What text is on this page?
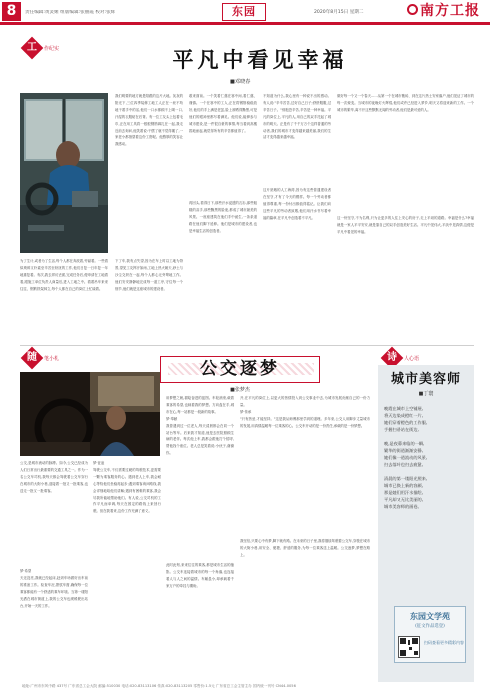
8	责任编辑:黄灵姬 组版编辑:张丽霞 校对:张辉	东园	2020年8月15日 星期二	南方工报
工	作纪实	平凡中看见幸福
■邓晓春
我们明要的地方就是陪跟的这片大地。灰灰的阳光下,三位四季装修工地工人正在一丝不苟地干着手中的活,他们一口水都顾不上喝一口,汗湿的衣服贴在后背。有一位工友头上包着毛巾,正在用工具将一根根钢筋绑扎在一起,我走近前去询问,他笑着说:干惯了就不觉得累了,一家老小都指望着这份工资呢。他憨厚的笑容让我感动。
敢来面前。一个笑着仁慈在寒中间,看仁慈、谨慎。一个在寒中的工人,正在将钢筋稳稳放好,他们的手上满是老茧,脸上被晒得黝黑,可是他们的眼神里都写着满足。他们说,能够参与城市建设,是一件很自豪的事情,每当看到高楼拔地而起,就觉得所有的辛苦都值得了。
再回头,看得日下,那些汗水浸透的衣衫,那些粗糙的双手,那些黝黑的脸庞,都成了城市最美的风景。一座座建筑在他们手中诞生,一条条道路在他们脚下延伸。他们是城市的建设者,也是幸福生活的创造者。
不知道为什么,我心里有一种说不出的感动。有人说:"辛辛苦苦,过好自己日子;舒舒服服,过辛苦日子。"别抱怨辛苦,辛苦是一种幸福。平凡的岗位上,平凡的人,用自己的双手托起了城市的明天。正是有了千千万万个这样普通的劳动者,我们的城市才变得越来越美丽,我们的生活才变得越来越幸福。
这片宽敞的人工海湾,因为有这些普通建设者在坚守,才有了今天的模样。每一个劳动者都值得尊重,每一份付出都值得铭记。让我们向这些平凡的劳动者致敬,他们用汗水书写着幸福的篇章,在平凡中创造着不平凡。
做好每一个又一个春天……从第一个在城市搬砖、到在这片热土安家落户,他们见证了城市的每一次蜕变。当城市的夜晚灯火辉煌,他们或许已经进入梦乡,明天又将迎来新的工作。一个城市的繁华,离不开这些默默无闻的劳动者,他们是最可爱的人。
这一份坚守,不为名利,只为让更多的人住上安心的房子,走上平坦的道路。幸福是什么?幸福就是一家人平平安安,就是靠自己的双手创造美好生活。平凡中见伟大,平淡中见真情,这便是平凡中看见的幸福。
为了生计,或者为了生活,每个人都在奔波着,劳碌着。一些看似琐碎又朴素至辛苦至纷扰的工作,他们日复一日年复一年地重复着。有次,我去拜访丢面,完成任务后,便申请在工地看看,跟施工单位负责人商量后,进入工地之中。看着吊车来来往往、钢筋铁架林立,每个人都在自己的岗位上忙碌着。
下了车,我有点失望,因为在车上时以工地为背景,望见工友挥汗如雨,工地上热火朝天,砂土与沙尘交织在一起,每个人都心无旁骛地工作。他们安安静静地完成每一道工序,守住每一个细节,他们就是这座城市的建设者。
随	笔小札	公交逐梦
■张梦杰
公交,是城市流动的脉搏。如今,公交已经成为人们日常出行最重要的交通工具之一。作为一名公交车司机,我每天都会驾驶着公交车穿行在城市的大街小巷,迎接着一批又一批乘客,也送走一批又一批乘客。
梦·希望
天还没亮,我就已经起床,赶到车场做好出车前的准备工作。检查车况,擦拭车窗,确保每一位乘客都能有一个舒适的乘车环境。当第一缕阳光洒在城市街道上,我的公交车也缓缓驶出站台,开始一天的工作。
梦·征途
驾驶公交车,不仅需要过硬的驾驶技术,更需要一颗为乘客服务的心。遇到老人上车,我会耐心等待他们坐稳再起步;遇到乘客询问路线,我会详细地给他们讲解;遇到有困难的乘客,我会尽我所能地帮助他们。有人说,公交司机的工作平凡而单调,每天在固定的路线上来回行驶。但在我看来,这份工作充满了意义。
用梦想之帆,描绘奋进的蓝图。车轮滚滚,载着乘客的希望,也载着我的梦想。方向盘在手,城市在心,每一站都是一段新的故事。
梦·奉献
我曾遇到过一位老人,每天清晨都会在同一个站台等车。后来我才知道,他是去医院照顾生病的老伴。每次他上车,我都会跟他打个招呼,帮他找个座位。老人总是笑着说:小伙子,谢谢你。
此时此刻,来来往往的乘客,都是城市生活的缩影。公交车连接着城市的每一个角落,也连接着人与人之间的温情。车厢虽小,却承载着千家万户的牵挂与期盼。
开,在平凡的岗位上,以更大的热情投入到公交事业中去,为城市发展贡献自己的一份力量。
梦·传承
"只有热爱,才能坚持。"这是我从师傅那里学到的道理。多年来,公交人用脚步丈量城市的发展,用真情温暖每一位乘客的心。公交车开动的是一份责任,承载的是一份梦想。
我坚信,只要心中有梦,脚下就有路。在未来的日子里,我将继续驾驶着公交车,穿梭在城市的大街小巷,用安全、便捷、舒适的服务,为每一位乘客送上温暖。公交逐梦,梦想在路上。
诗	人心语
城市美容师
■丁寰
晚霞在城市上空铺展,
将天边染成橙红一片,
她们穿着橙色的工作服,
手握扫帚站在街边,
晚,是夜幕来临的一瞬,
繁华的街道渐渐安静,
她们像一道流动的风景,
扫去落叶也扫去疲惫,
清晨的第一缕阳光照来,
城市已换上新的容颜,
那是她们用汗水描绘,
平凡却又无比美丽的,
城市美容师的画卷。
东园文学苑
(征文作品选登)
扫码查看更多精彩内容
地址:广州市东风中路 437号 广东省总工会大院 邮编:510030 电话:020-83113106 传真:020-83113205 零售价:1.5元 广东省总工会主管主办 国内统一刊号 CN44-0056
